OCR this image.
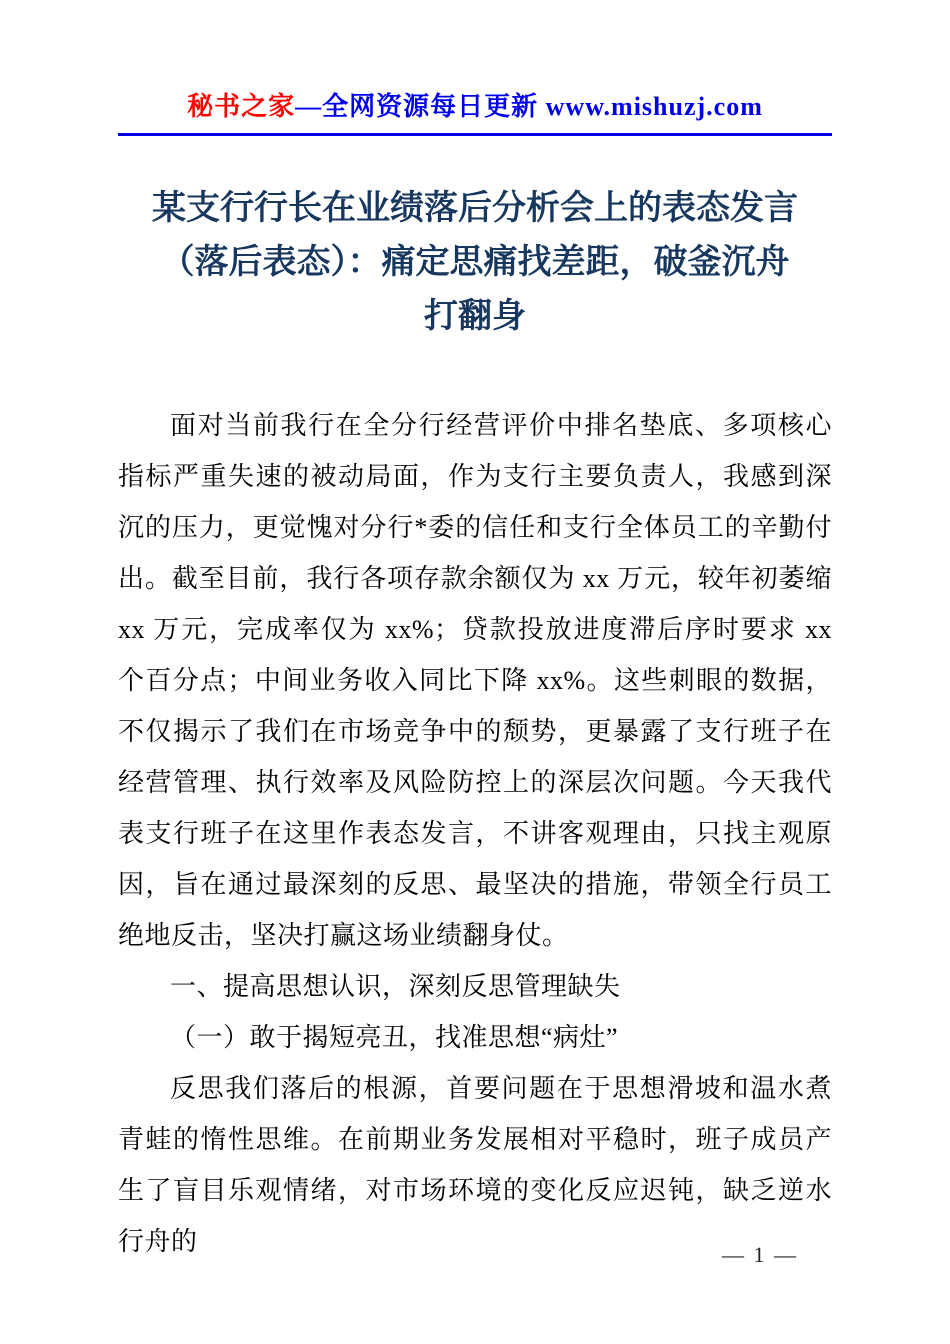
秘书之家—全网资源每日更新 www.mishuzj.com
某支行行长在业绩落后分析会上的表态发言
（落后表态）：痛定思痛找差距，破釜沉舟
打翻身

面对当前我行在全分行经营评价中排名垫底、多项核心指标严重失速的被动局面，作为支行主要负责人，我感到深沉的压力，更觉愧对分行*委的信任和支行全体员工的辛勤付出。截至目前，我行各项存款余额仅为 xx 万元，较年初萎缩 xx 万元，完成率仅为 xx%；贷款投放进度滞后序时要求 xx 个百分点；中间业务收入同比下降 xx%。这些刺眼的数据，不仅揭示了我们在市场竞争中的颓势，更暴露了支行班子在经营管理、执行效率及风险防控上的深层次问题。今天我代表支行班子在这里作表态发言，不讲客观理由，只找主观原因，旨在通过最深刻的反思、最坚决的措施，带领全行员工绝地反击，坚决打赢这场业绩翻身仗。

一、提高思想认识，深刻反思管理缺失

（一）敢于揭短亮丑，找准思想“病灶”

反思我们落后的根源，首要问题在于思想滑坡和温水煮青蛙的惰性思维。在前期业务发展相对平稳时，班子成员产生了盲目乐观情绪，对市场环境的变化反应迟钝，缺乏逆水行舟的	— 1 —
